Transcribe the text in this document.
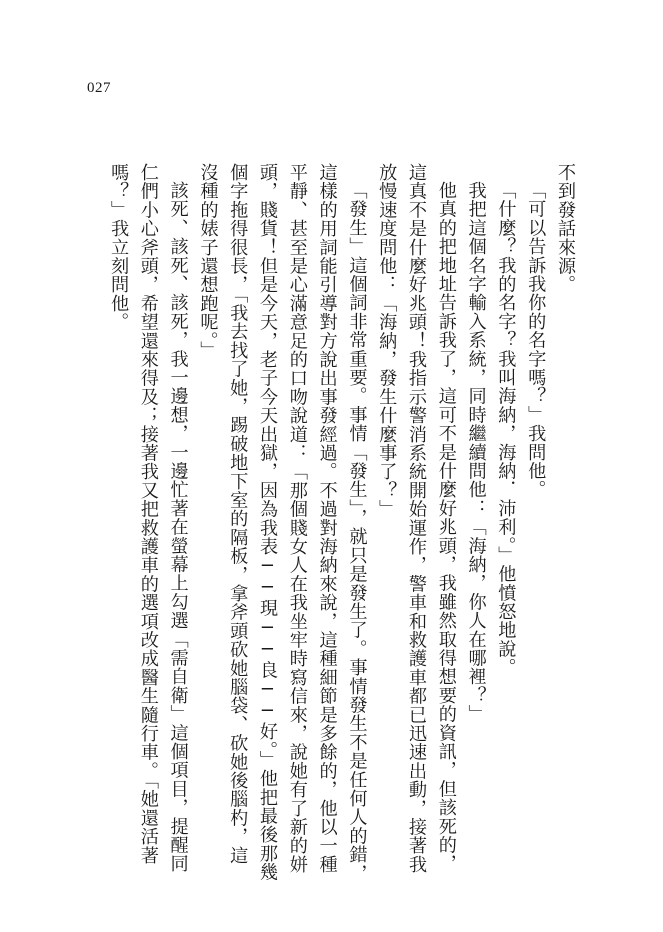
027

不到發話來源。

「可以告訴我你的名字嗎？」我問他。

「什麼？我的名字？我叫海納，海納．沛利。」他憤怒地說。

我把這個名字輸入系統，同時繼續問他：「海納，你人在哪裡？」

他真的把地址告訴我了，這可不是什麼好兆頭，我雖然取得想要的資訊，但該死的，這真不是什麼好兆頭！我指示警消系統開始運作，警車和救護車都已迅速出動，接著我放慢速度問他：「海納，發生什麼事了？」

「發生」這個詞非常重要。事情「發生」，就只是發生了。事情發生不是任何人的錯，這樣的用詞能引導對方說出事發經過。不過對海納來說，這種細節是多餘的，他以一種平靜、甚至是心滿意足的口吻說道：「那個賤女人在我坐牢時寫信來，說她有了新的姘頭，賤貨！但是今天，老子今天出獄，因為我表──現──良──好。」他把最後那幾個字拖得很長，「我去找了她，踢破地下室的隔板，拿斧頭砍她腦袋、砍她後腦杓，這沒種的婊子還想跑呢。」

該死、該死、該死，我一邊想，一邊忙著在螢幕上勾選「需自衛」這個項目，提醒同仁們小心斧頭，希望還來得及；接著我又把救護車的選項改成醫生隨行車。「她還活著嗎？」我立刻問他。
